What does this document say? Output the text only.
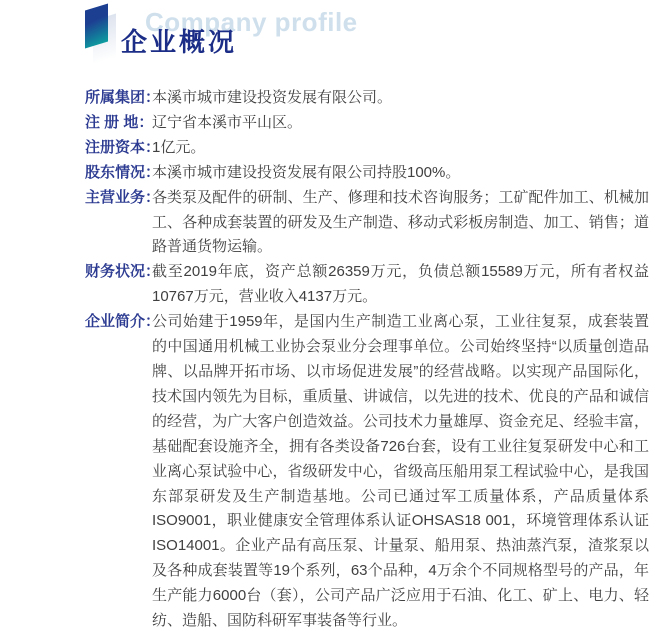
Company profile
企业概况
所属集团：
本溪市城市建设投资发展有限公司。
注 册 地：
辽宁省本溪市平山区。
注册资本：
1亿元。
股东情况：
本溪市城市建设投资发展有限公司持股100%。
主营业务：
各类泵及配件的研制、生产、修理和技术咨询服务；工矿配件加工、机械加工、各种成套装置的研发及生产制造、移动式彩板房制造、加工、销售；道路普通货物运输。
财务状况：
截至2019年底，资产总额26359万元，负债总额15589万元，所有者权益10767万元，营业收入4137万元。
企业简介：
公司始建于1959年，是国内生产制造工业离心泵，工业往复泵，成套装置的中国通用机械工业协会泵业分会理事单位。公司始终坚持“以质量创造品牌、以品牌开拓市场、以市场促进发展”的经营战略。以实现产品国际化，技术国内领先为目标，重质量、讲诚信，以先进的技术、优良的产品和诚信的经营，为广大客户创造效益。公司技术力量雄厚、资金充足、经验丰富，基础配套设施齐全，拥有各类设备726台套，设有工业往复泵研发中心和工业离心泵试验中心，省级研发中心，省级高压船用泵工程试验中心，是我国东部泵研发及生产制造基地。公司已通过军工质量体系，产品质量体系 ISO9001，职业健康安全管理体系认证OHSAS18 001，环境管理体系认证 ISO14001。企业产品有高压泵、计量泵、船用泵、热油蒸汽泵，渣浆泵以及各种成套装置等19个系列，63个品种，4万余个不同规格型号的产品，年生产能力6000台（套），公司产品广泛应用于石油、化工、矿上、电力、轻纺、造船、国防科研军事装备等行业。
